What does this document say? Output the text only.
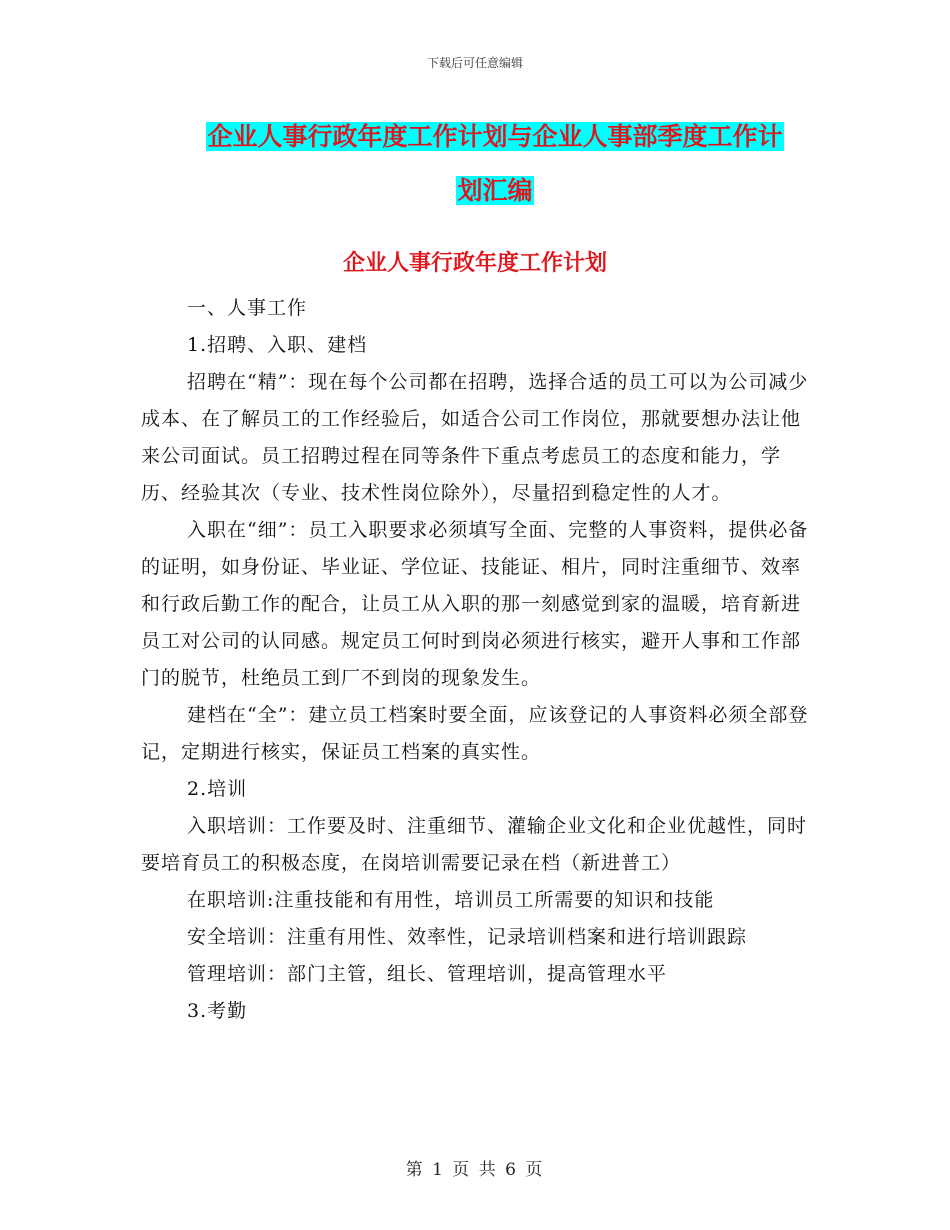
下载后可任意编辑
企业人事行政年度工作计划与企业人事部季度工作计
划汇编
企业人事行政年度工作计划

一、人事工作

1.招聘、入职、建档

招聘在“精”：现在每个公司都在招聘，选择合适的员工可以为公司减少成本、在了解员工的工作经验后，如适合公司工作岗位，那就要想办法让他来公司面试。员工招聘过程在同等条件下重点考虑员工的态度和能力，学历、经验其次（专业、技术性岗位除外），尽量招到稳定性的人才。

入职在“细”：员工入职要求必须填写全面、完整的人事资料，提供必备的证明，如身份证、毕业证、学位证、技能证、相片，同时注重细节、效率和行政后勤工作的配合，让员工从入职的那一刻感觉到家的温暖，培育新进员工对公司的认同感。规定员工何时到岗必须进行核实，避开人事和工作部门的脱节，杜绝员工到厂不到岗的现象发生。

建档在“全”：建立员工档案时要全面，应该登记的人事资料必须全部登记，定期进行核实，保证员工档案的真实性。

2.培训

入职培训：工作要及时、注重细节、灌输企业文化和企业优越性，同时要培育员工的积极态度，在岗培训需要记录在档（新进普工）

在职培训:注重技能和有用性，培训员工所需要的知识和技能

安全培训：注重有用性、效率性，记录培训档案和进行培训跟踪

管理培训：部门主管，组长、管理培训，提高管理水平

3.考勤

第 1 页 共 6 页
